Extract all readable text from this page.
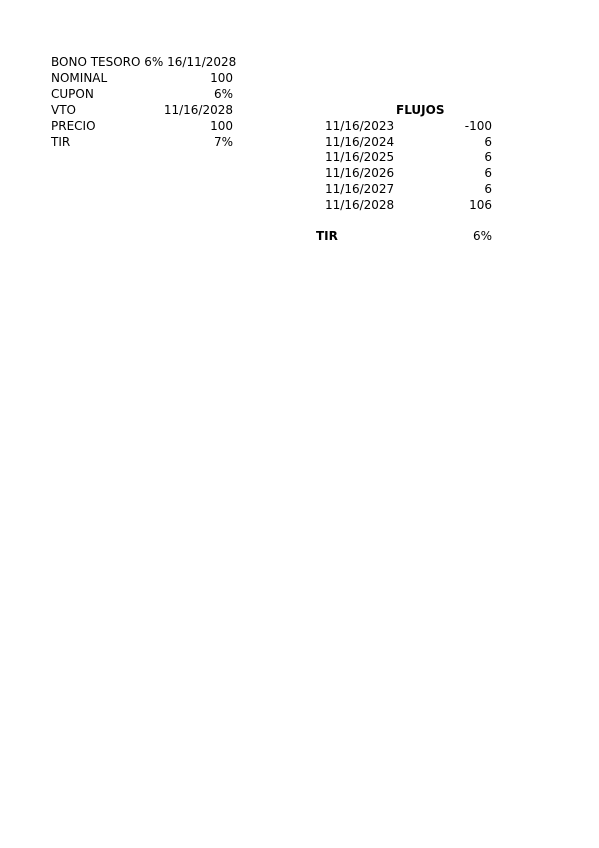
BONO TESORO 6% 16/11/2028
NOMINAL	100
CUPON	6%
VTO	11/16/2028
PRECIO	100
TIR	7%
FLUJOS
11/16/2023	-100
11/16/2024	6
11/16/2025	6
11/16/2026	6
11/16/2027	6
11/16/2028	106
TIR	6%
